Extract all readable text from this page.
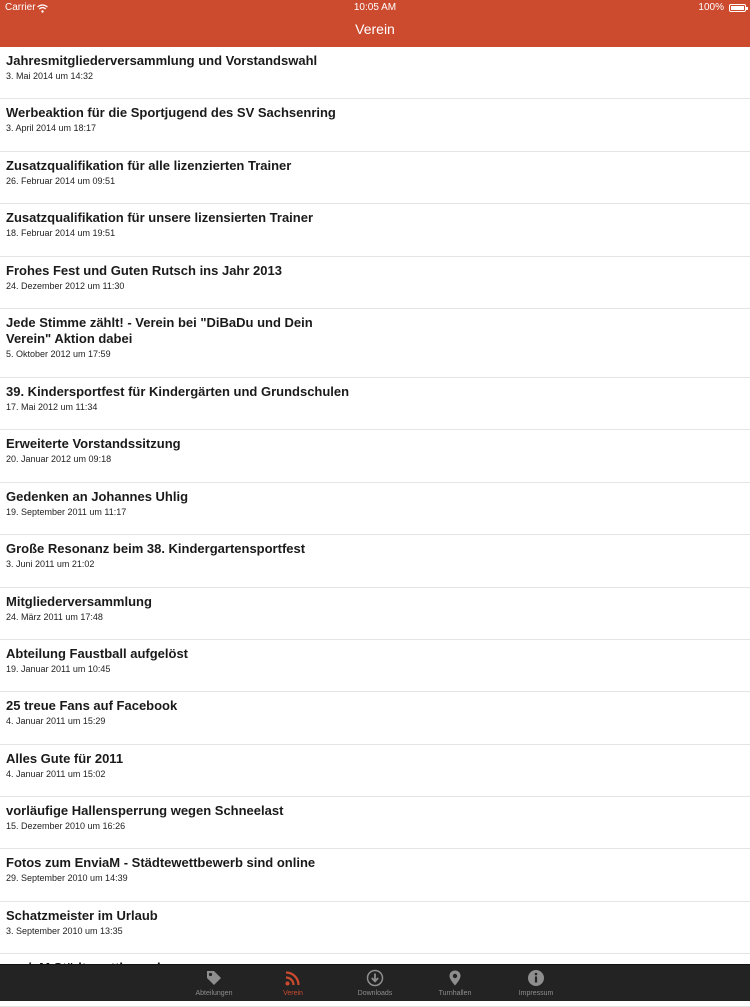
Carrier	10:05 AM	100%
Verein
Jahresmitgliederversammlung und Vorstandswahl
3. Mai 2014 um 14:32
Werbeaktion für die Sportjugend des SV Sachsenring
3. April 2014 um 18:17
Zusatzqualifikation für alle lizenzierten Trainer
26. Februar 2014 um 09:51
Zusatzqualifikation für unsere lizensierten Trainer
18. Februar 2014 um 19:51
Frohes Fest und Guten Rutsch ins Jahr 2013
24. Dezember 2012 um 11:30
Jede Stimme zählt! - Verein bei "DiBaDu und Dein Verein" Aktion dabei
5. Oktober 2012 um 17:59
39. Kindersportfest für Kindergärten und Grundschulen
17. Mai 2012 um 11:34
Erweiterte Vorstandssitzung
20. Januar 2012 um 09:18
Gedenken an Johannes Uhlig
19. September 2011 um 11:17
Große Resonanz beim 38. Kindergartensportfest
3. Juni 2011 um 21:02
Mitgliederversammlung
24. März 2011 um 17:48
Abteilung Faustball aufgelöst
19. Januar 2011 um 10:45
25 treue Fans auf Facebook
4. Januar 2011 um 15:29
Alles Gute für 2011
4. Januar 2011 um 15:02
vorläufige Hallensperrung wegen Schneelast
15. Dezember 2010 um 16:26
Fotos zum EnviaM - Städtewettbewerb sind online
29. September 2010 um 14:39
Schatzmeister im Urlaub
3. September 2010 um 13:35
Abteilungen	Verein	Downloads	Turnhallen	Impressum
